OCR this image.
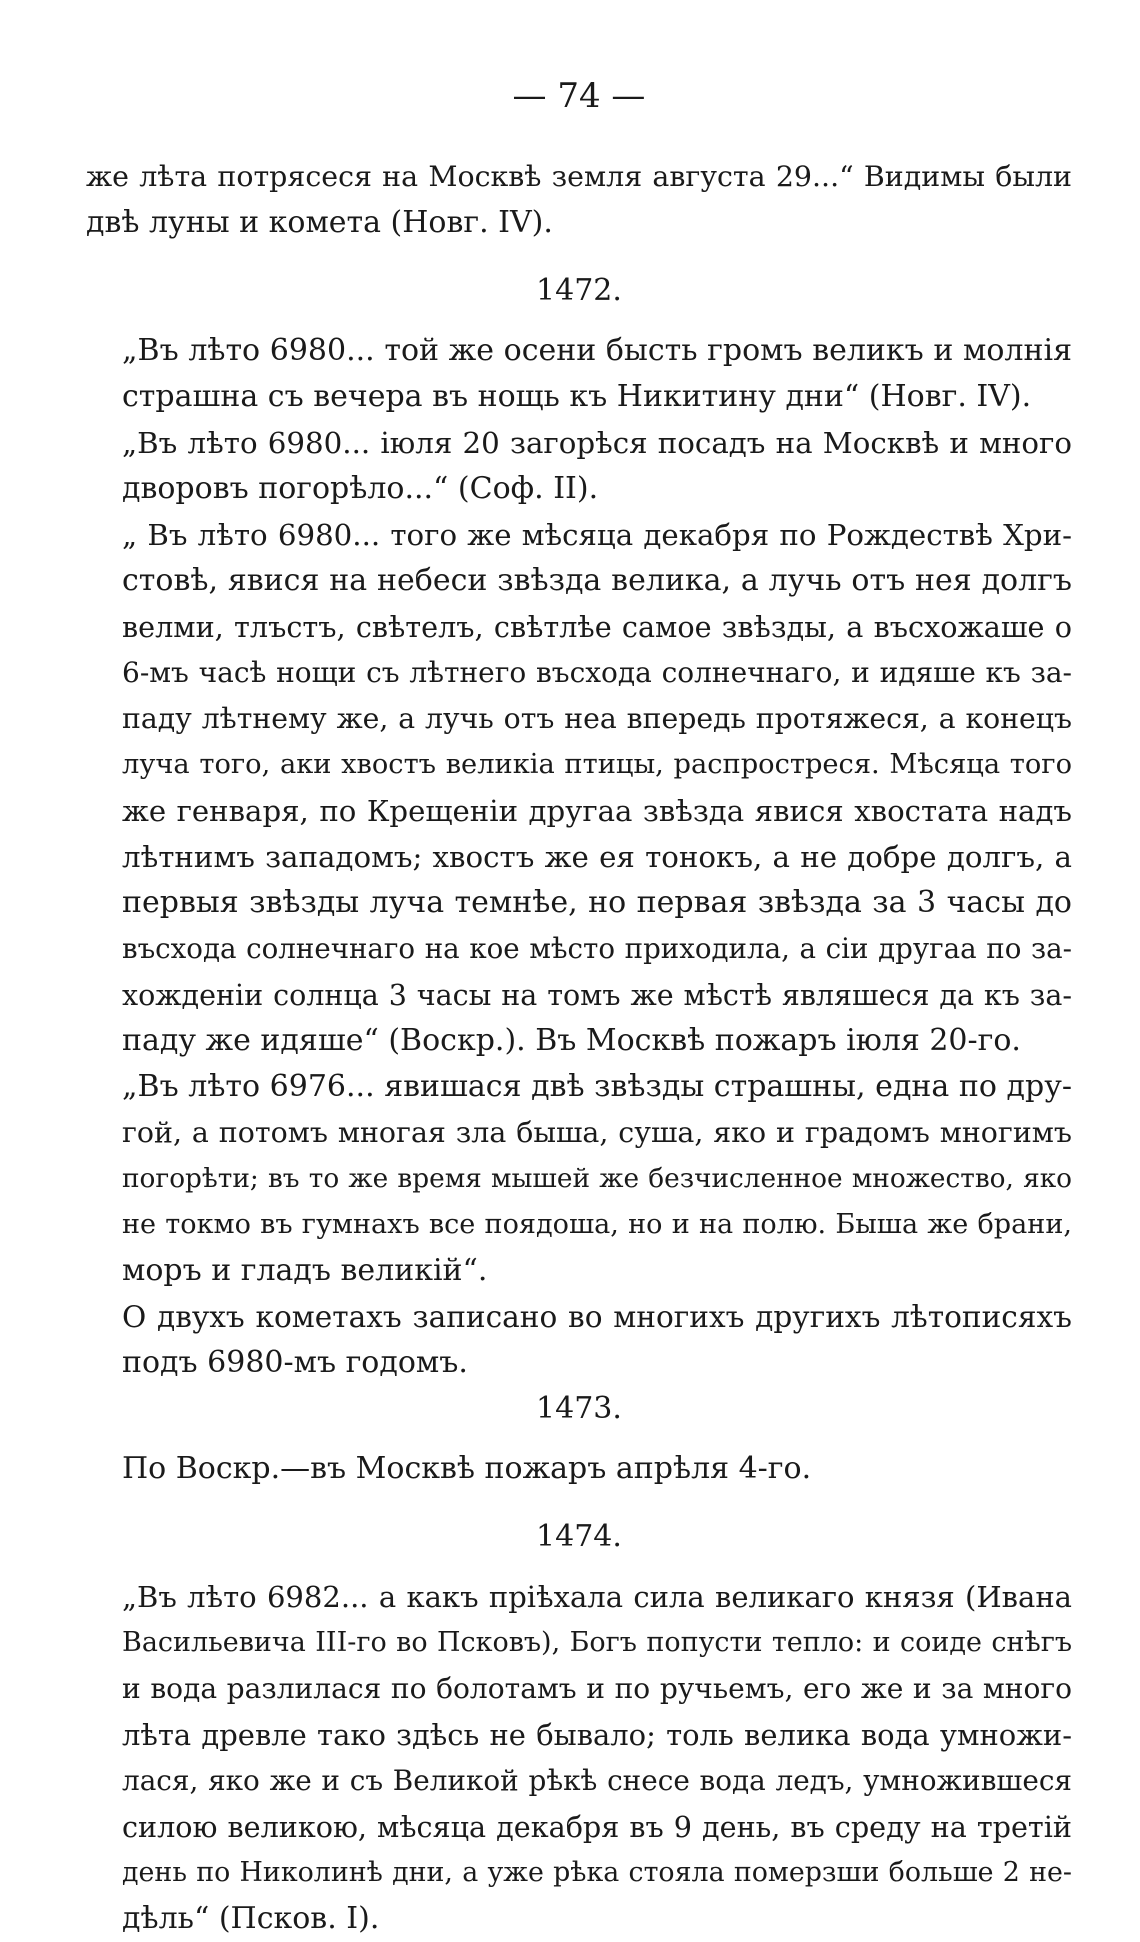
— 74 —

же лѣта потрясеся на Москвѣ земля августа 29...“ Видимы были
двѣ луны и комета (Новг. IV).

1472.

„Въ лѣто 6980... той же осени бысть громъ великъ и молнія
страшна съ вечера въ нощь къ Никитину дни“ (Новг. IV).

„Въ лѣто 6980... іюля 20 загорѣся посадъ на Москвѣ и много
дворовъ погорѣло...“ (Соф. II).

„ Въ лѣто 6980... того же мѣсяца декабря по Рождествѣ Хри-
стовѣ, явися на небеси звѣзда велика, а лучь отъ нея долгъ
велми, тлъстъ, свѣтелъ, свѣтлѣе самое звѣзды, а въсхожаше о
6-мъ часѣ нощи съ лѣтнего въсхода солнечнаго, и идяше къ за-
паду лѣтнему же, а лучь отъ неа впередь протяжеся, а конецъ
луча того, аки хвостъ великіа птицы, распростреся. Мѣсяца того
же генваря, по Крещеніи другаа звѣзда явися хвостата надъ
лѣтнимъ западомъ; хвостъ же ея тонокъ, а не добре долгъ, а
первыя звѣзды луча темнѣе, но первая звѣзда за 3 часы до
въсхода солнечнаго на кое мѣсто приходила, а сіи другаа по за-
хожденіи солнца 3 часы на томъ же мѣстѣ являшеся да къ за-
паду же идяше“ (Воскр.). Въ Москвѣ пожаръ іюля 20-го.

„Въ лѣто 6976... явишася двѣ звѣзды страшны, една по дру-
гой, а потомъ многая зла быша, суша, яко и градомъ многимъ
погорѣти; въ то же время мышей же безчисленное множество, яко
не токмо въ гумнахъ все поядоша, но и на полю. Быша же брани,
моръ и гладъ великій“.

О двухъ кометахъ записано во многихъ другихъ лѣтописяхъ
подъ 6980-мъ годомъ.

1473.

По Воскр.—въ Москвѣ пожаръ апрѣля 4-го.

1474.

„Въ лѣто 6982... а какъ пріѣхала сила великаго князя (Ивана
Васильевича III-го во Псковъ), Богъ попусти тепло: и соиде снѣгъ
и вода разлилася по болотамъ и по ручьемъ, его же и за много
лѣта древле тако здѣсь не бывало; толь велика вода умножи-
лася, яко же и съ Великой рѣкѣ снесе вода ледъ, умножившеся
силою великою, мѣсяца декабря въ 9 день, въ среду на третій
день по Николинѣ дни, а уже рѣка стояла померзши больше 2 не-
дѣль“ (Псков. I).
